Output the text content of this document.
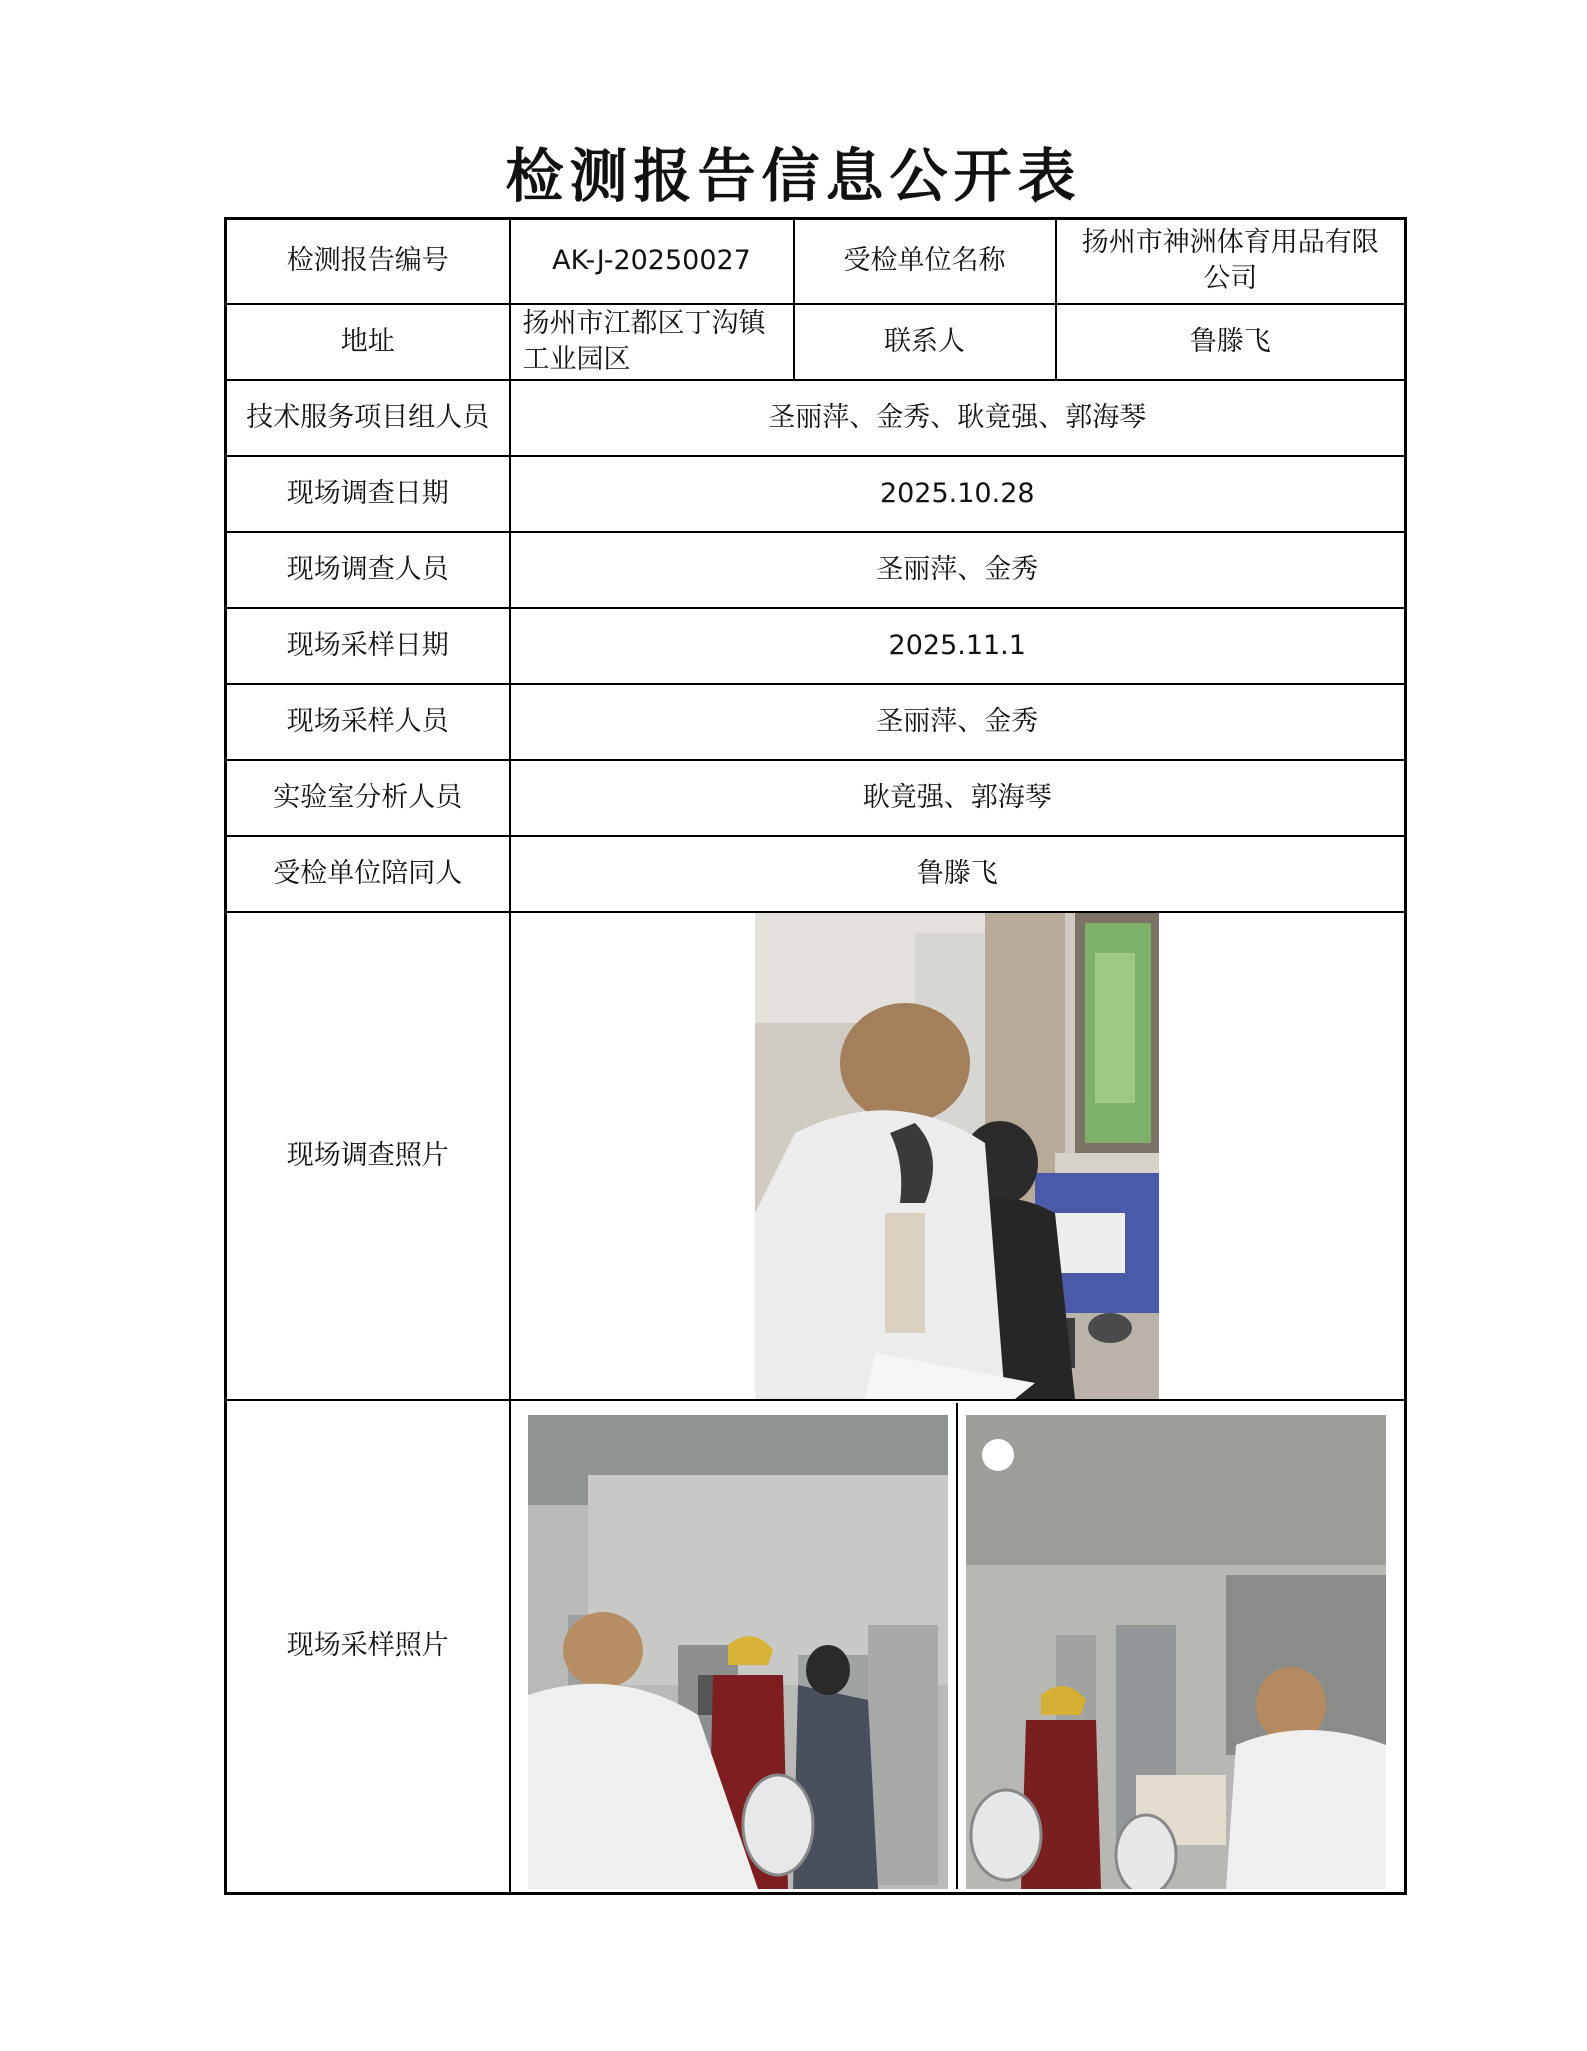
检测报告信息公开表
检测报告编号	AK-J-20250027	受检单位名称	扬州市神洲体育用品有限公司
地址	扬州市江都区丁沟镇工业园区	联系人	鲁滕飞
技术服务项目组人员	圣丽萍、金秀、耿竟强、郭海琴		
现场调查日期	2025.10.28		
现场调查人员	圣丽萍、金秀		
现场采样日期	2025.11.1		
现场采样人员	圣丽萍、金秀		
实验室分析人员	耿竟强、郭海琴		
受检单位陪同人	鲁滕飞		
现场调查照片	

现场采样照片	
